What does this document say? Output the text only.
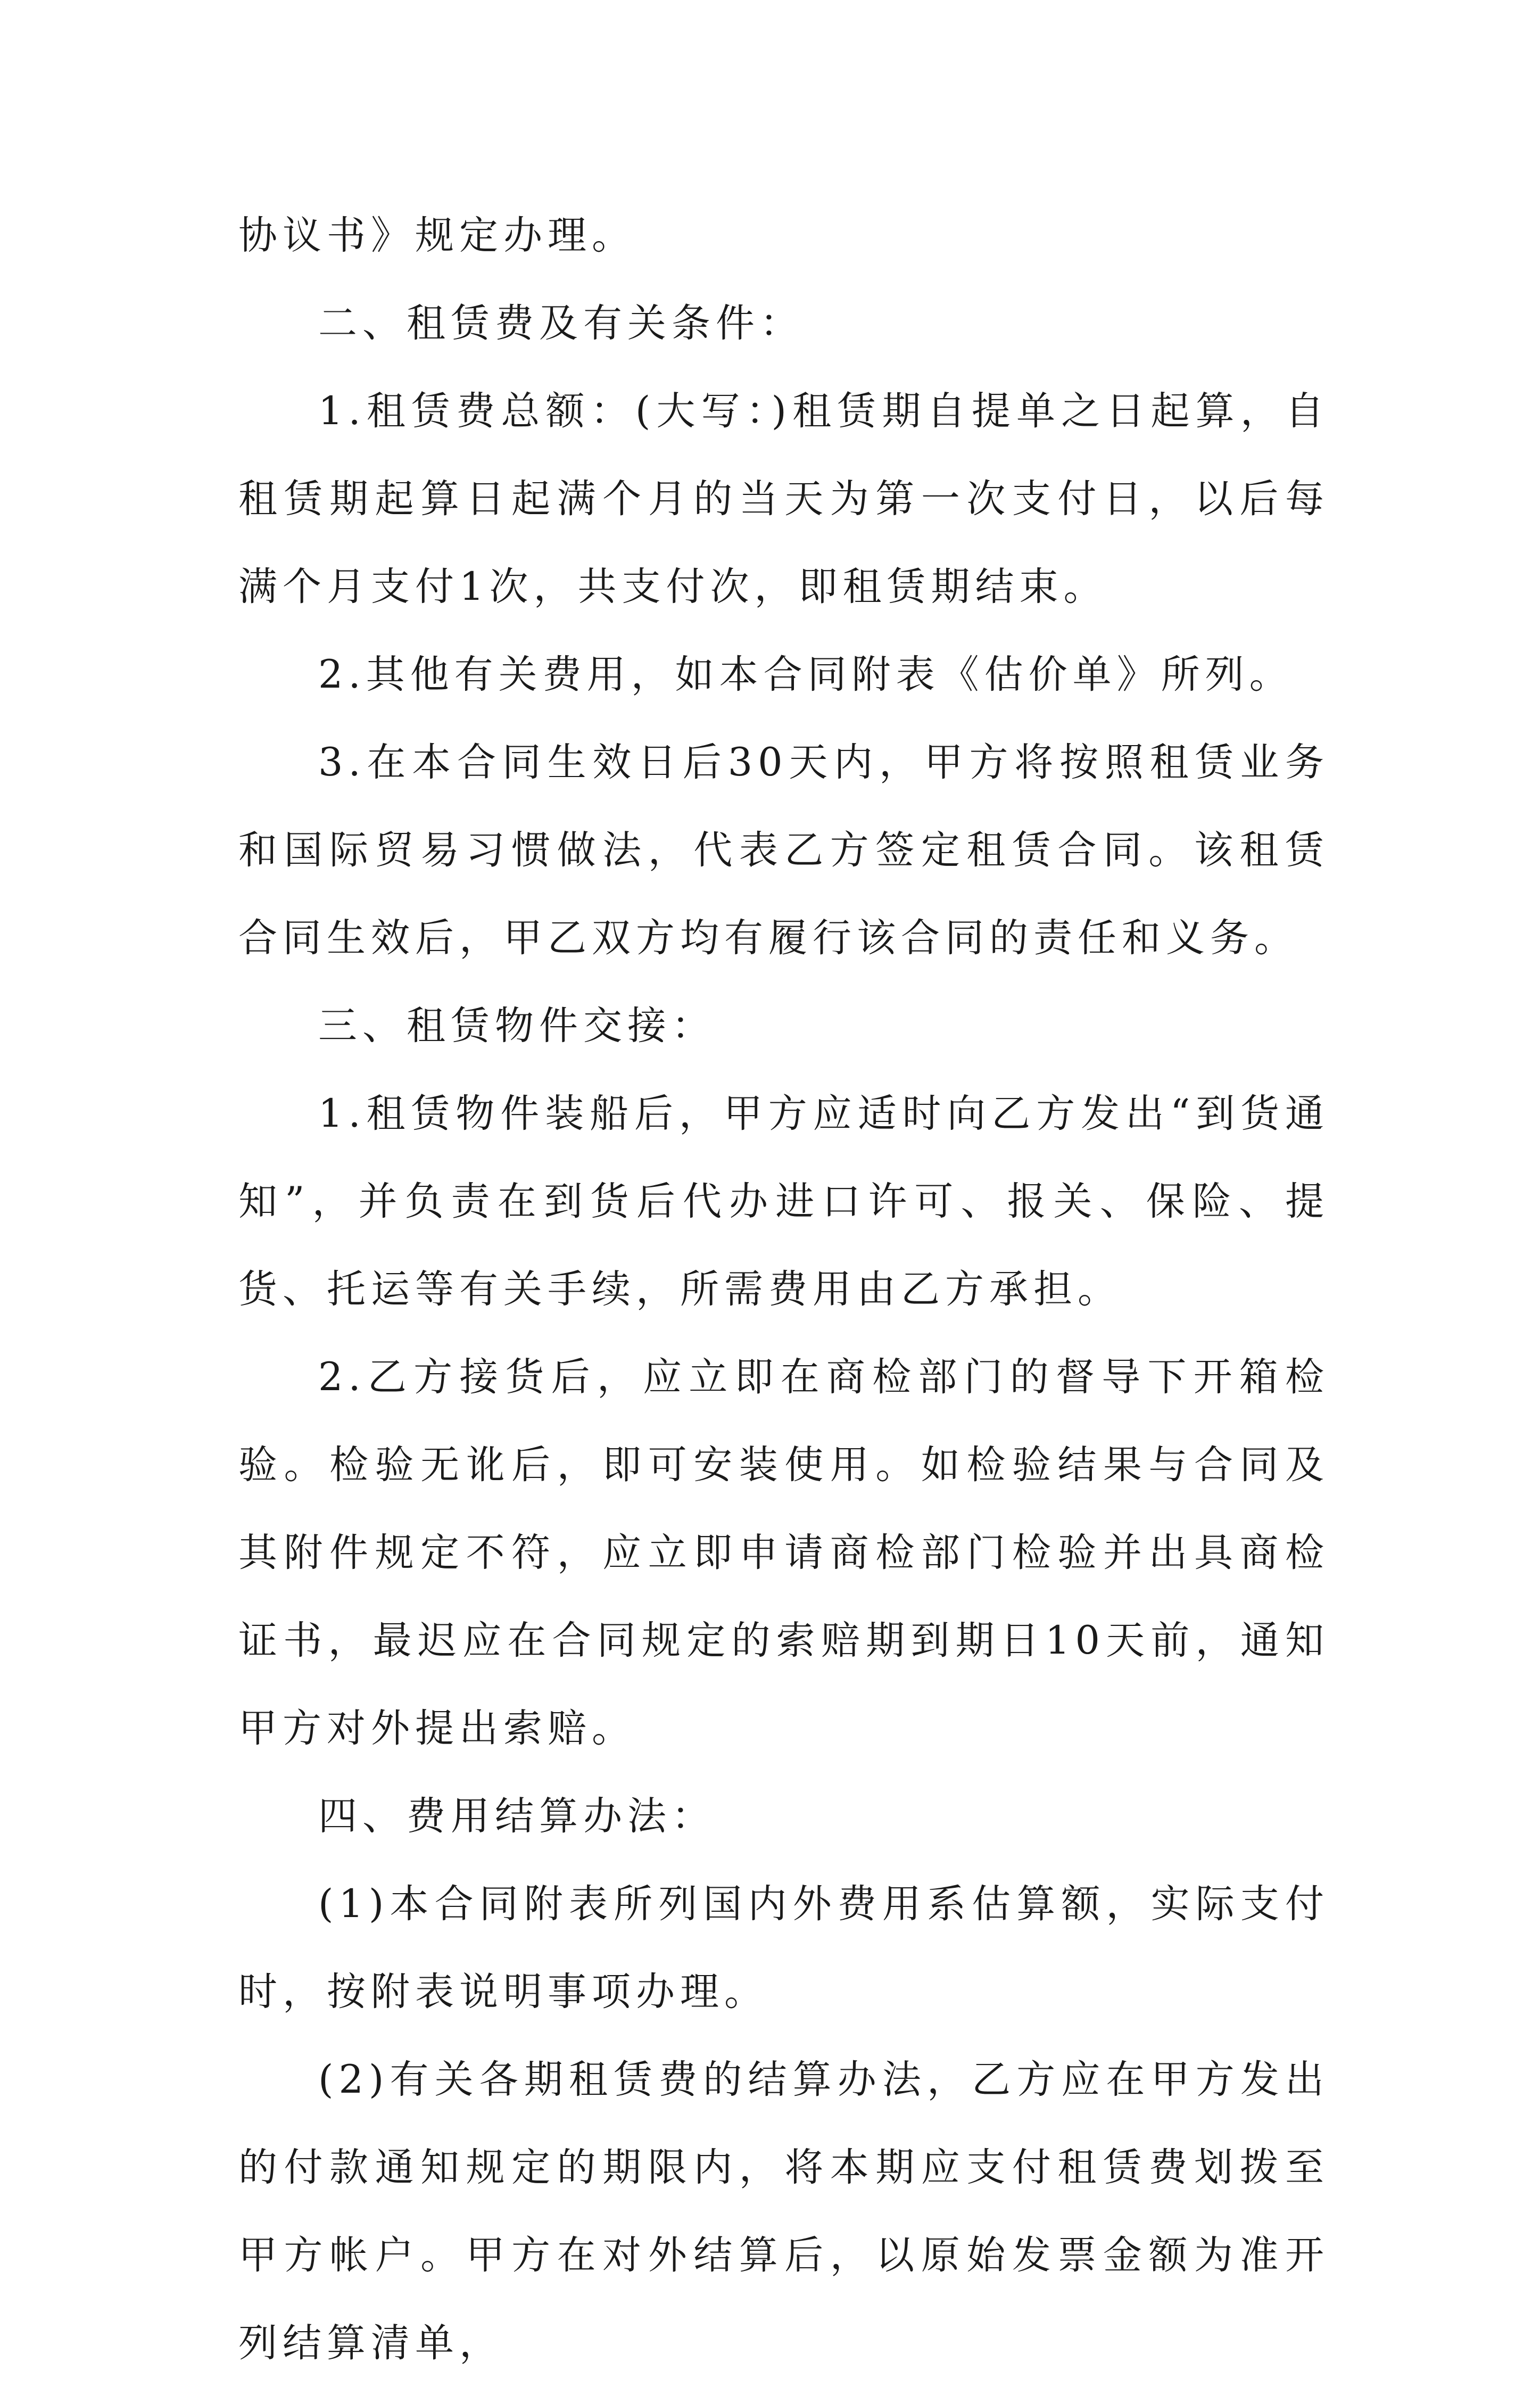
协议书》规定办理。

二、租赁费及有关条件：

1.租赁费总额：(大写：)租赁期自提单之日起算，自租赁期起算日起满个月的当天为第一次支付日，以后每满个月支付1次，共支付次，即租赁期结束。

2.其他有关费用，如本合同附表《估价单》所列。

3.在本合同生效日后30天内，甲方将按照租赁业务和国际贸易习惯做法，代表乙方签定租赁合同。该租赁合同生效后，甲乙双方均有履行该合同的责任和义务。

三、租赁物件交接：

1.租赁物件装船后，甲方应适时向乙方发出“到货通知”，并负责在到货后代办进口许可、报关、保险、提货、托运等有关手续，所需费用由乙方承担。

2.乙方接货后，应立即在商检部门的督导下开箱检验。检验无讹后，即可安装使用。如检验结果与合同及其附件规定不符，应立即申请商检部门检验并出具商检证书，最迟应在合同规定的索赔期到期日10天前，通知甲方对外提出索赔。

四、费用结算办法：

(1)本合同附表所列国内外费用系估算额，实际支付时，按附表说明事项办理。

(2)有关各期租赁费的结算办法，乙方应在甲方发出的付款通知规定的期限内，将本期应支付租赁费划拨至甲方帐户。甲方在对外结算后，以原始发票金额为准开列结算清单，
